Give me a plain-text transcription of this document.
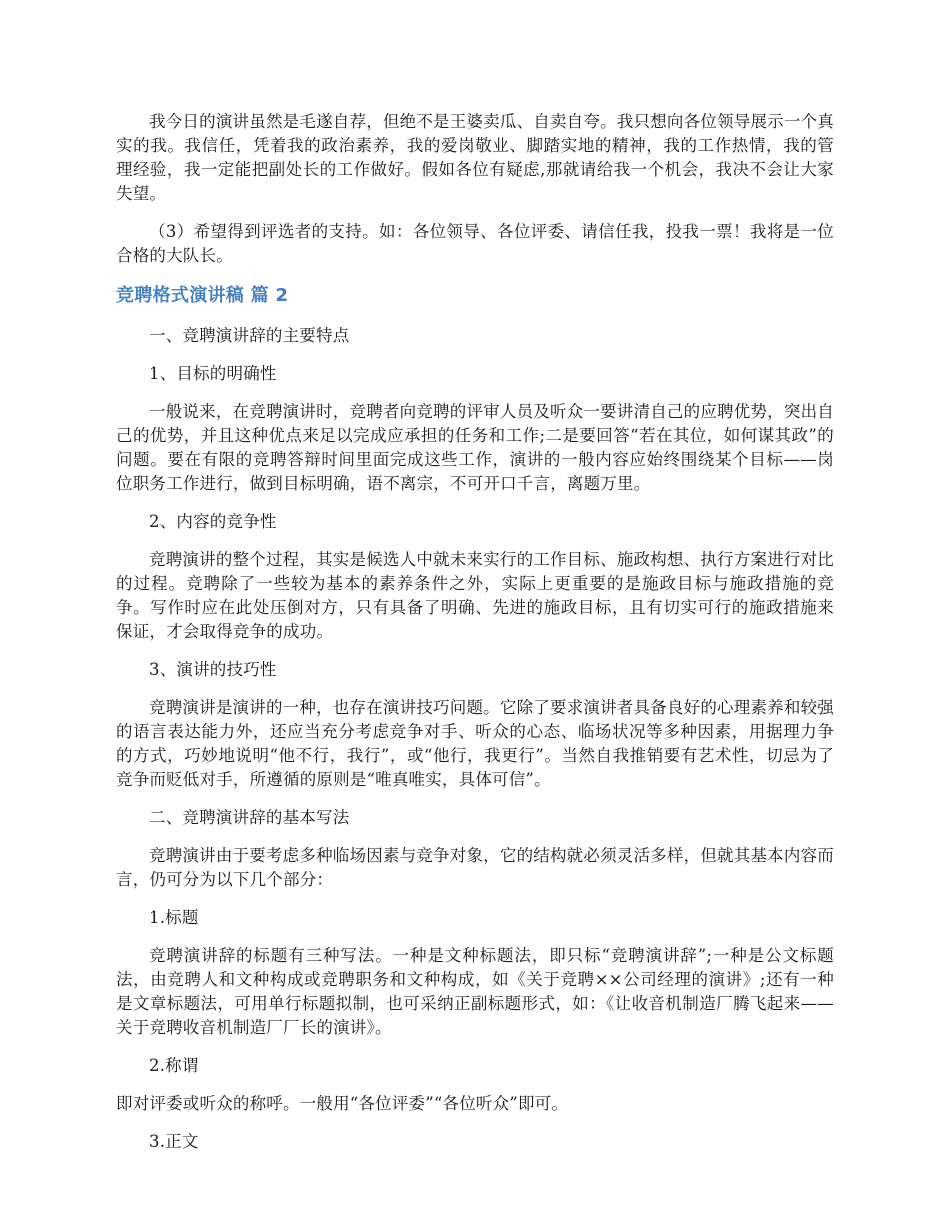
我今日的演讲虽然是毛遂自荐，但绝不是王婆卖瓜、自卖自夸。我只想向各位领导展示一个真实的我。我信任，凭着我的政治素养，我的爱岗敬业、脚踏实地的精神，我的工作热情，我的管理经验，我一定能把副处长的工作做好。假如各位有疑虑,那就请给我一个机会，我决不会让大家失望。

（3）希望得到评选者的支持。如：各位领导、各位评委、请信任我，投我一票！我将是一位合格的大队长。

竞聘格式演讲稿 篇 2

一、竞聘演讲辞的主要特点

1、目标的明确性

一般说来，在竞聘演讲时，竞聘者向竞聘的评审人员及听众一要讲清自己的应聘优势，突出自己的优势，并且这种优点来足以完成应承担的任务和工作;二是要回答“若在其位，如何谋其政”的问题。要在有限的竞聘答辩时间里面完成这些工作，演讲的一般内容应始终围绕某个目标——岗位职务工作进行，做到目标明确，语不离宗，不可开口千言，离题万里。

2、内容的竞争性

竞聘演讲的整个过程，其实是候选人中就未来实行的工作目标、施政构想、执行方案进行对比的过程。竞聘除了一些较为基本的素养条件之外，实际上更重要的是施政目标与施政措施的竞争。写作时应在此处压倒对方，只有具备了明确、先进的施政目标，且有切实可行的施政措施来保证，才会取得竞争的成功。

3、演讲的技巧性

竞聘演讲是演讲的一种，也存在演讲技巧问题。它除了要求演讲者具备良好的心理素养和较强的语言表达能力外，还应当充分考虑竞争对手、听众的心态、临场状况等多种因素，用据理力争的方式，巧妙地说明“他不行，我行”，或“他行，我更行”。当然自我推销要有艺术性，切忌为了竞争而贬低对手，所遵循的原则是“唯真唯实，具体可信”。

二、竞聘演讲辞的基本写法

竞聘演讲由于要考虑多种临场因素与竞争对象，它的结构就必须灵活多样，但就其基本内容而言，仍可分为以下几个部分：

1.标题

竞聘演讲辞的标题有三种写法。一种是文种标题法，即只标“竞聘演讲辞”;一种是公文标题法，由竞聘人和文种构成或竞聘职务和文种构成，如《关于竞聘××公司经理的演讲》;还有一种是文章标题法，可用单行标题拟制，也可采纳正副标题形式，如：《让收音机制造厂腾飞起来——关于竞聘收音机制造厂厂长的演讲》。

2.称谓

即对评委或听众的称呼。一般用“各位评委”“各位听众”即可。

3.正文
